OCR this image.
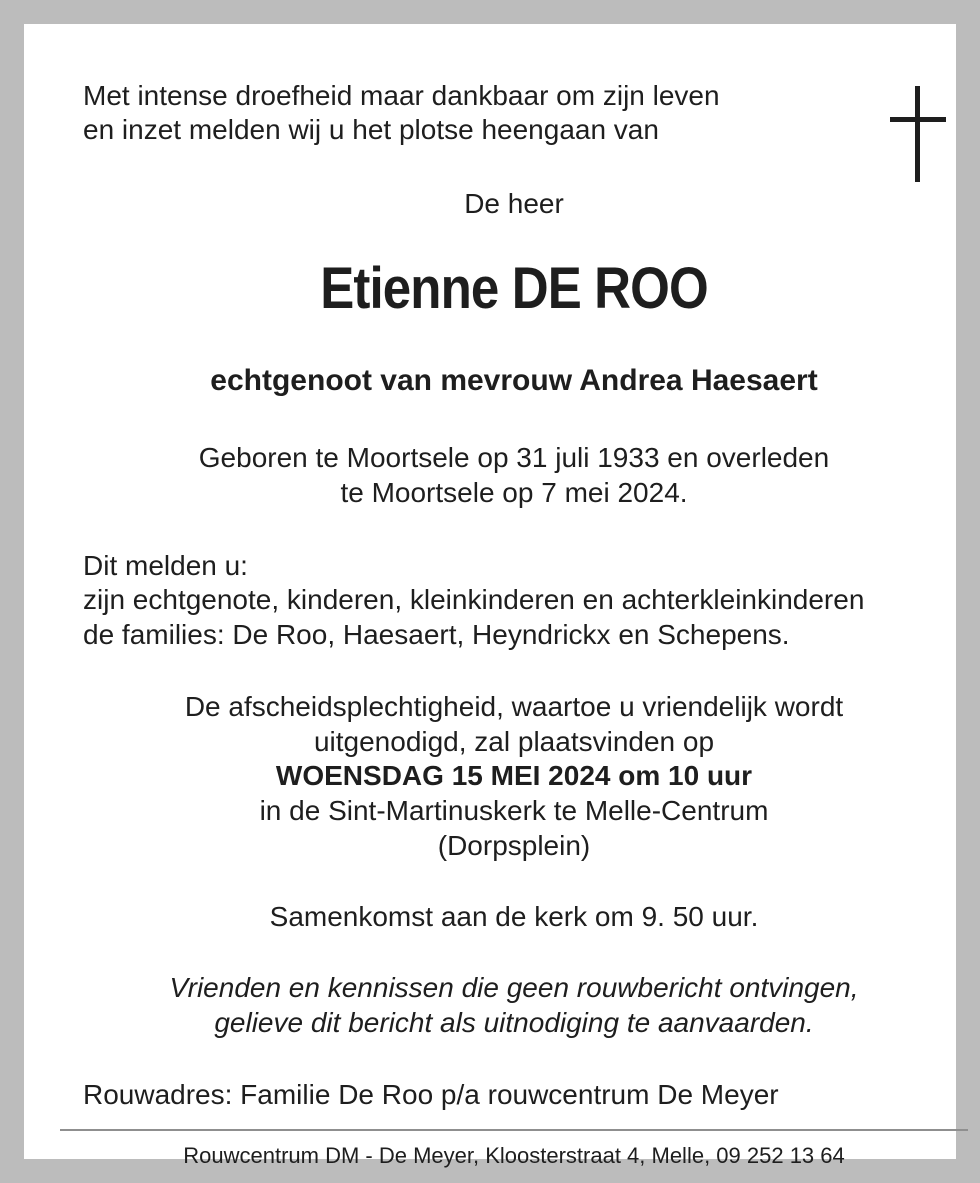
Met intense droefheid maar dankbaar om zijn leven
en inzet melden wij u het plotse heengaan van
De heer
Etienne DE ROO
echtgenoot van mevrouw Andrea Haesaert
Geboren te Moortsele op 31 juli 1933 en overleden
te Moortsele op 7 mei 2024.
Dit melden u:
zijn echtgenote, kinderen, kleinkinderen en achterkleinkinderen
de families: De Roo, Haesaert, Heyndrickx en Schepens.
De afscheidsplechtigheid, waartoe u vriendelijk wordt
uitgenodigd, zal plaatsvinden op
WOENSDAG 15 MEI 2024 om 10 uur
in de Sint-Martinuskerk te Melle-Centrum
(Dorpsplein)
Samenkomst aan de kerk om 9. 50 uur.
Vrienden en kennissen die geen rouwbericht ontvingen,
gelieve dit bericht als uitnodiging te aanvaarden.
Rouwadres: Familie De Roo p/a rouwcentrum De Meyer
Rouwcentrum DM - De Meyer, Kloosterstraat 4, Melle, 09 252 13 64
